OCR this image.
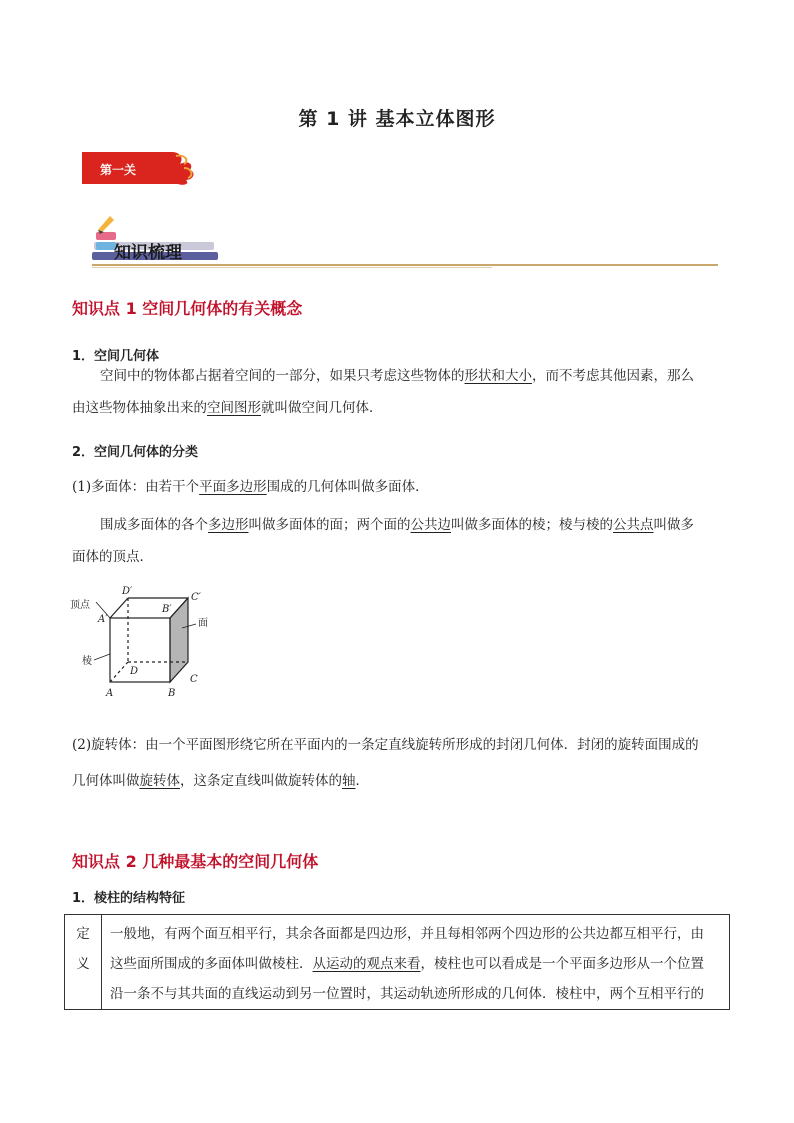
第 1 讲 基本立体图形
第一关
知识梳理
知识点 1 空间几何体的有关概念
1．空间几何体
空间中的物体都占据着空间的一部分，如果只考虑这些物体的形状和大小，而不考虑其他因素，那么
由这些物体抽象出来的空间图形就叫做空间几何体．
2．空间几何体的分类
(1)多面体：由若干个平面多边形围成的几何体叫做多面体．
围成多面体的各个多边形叫做多面体的面；两个面的公共边叫做多面体的棱；棱与棱的公共点叫做多
面体的顶点．
顶点
棱
面
D′
B′
C′
A′
D
C
A	B
(2)旋转体：由一个平面图形绕它所在平面内的一条定直线旋转所形成的封闭几何体．封闭的旋转面围成的
几何体叫做旋转体，这条定直线叫做旋转体的轴．
知识点 2 几种最基本的空间几何体
1．棱柱的结构特征
定
义

一般地，有两个面互相平行，其余各面都是四边形，并且每相邻两个四边形的公共边都互相平行，由
这些面所围成的多面体叫做棱柱．从运动的观点来看，棱柱也可以看成是一个平面多边形从一个位置
沿一条不与其共面的直线运动到另一位置时，其运动轨迹所形成的几何体．棱柱中，两个互相平行的
